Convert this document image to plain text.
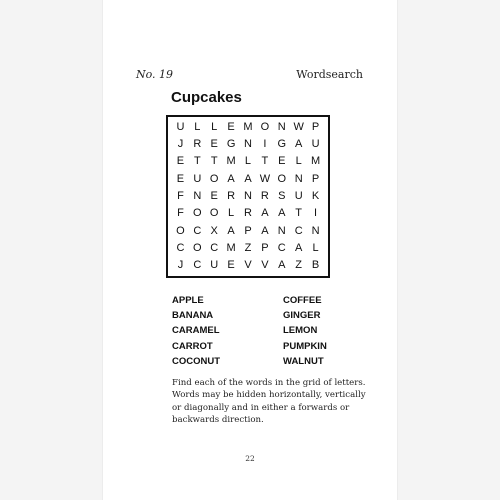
No. 19	Wordsearch
Cupcakes
U L L E M O N W P
J R E G N	I	G A U
E T T M L T E L M
E U O A A W O N P
F N E R N R S U K
F O O L R A A T	I
O C X A P A N C N
C O C M Z P C A L
J C U E V V A Z B
APPLE
BANANA
CARAMEL
CARROT
COCONUT
COFFEE
GINGER
LEMON
PUMPKIN
WALNUT
Find each of the words in the grid of letters. Words may be hidden horizontally, vertically or diagonally and in either a forwards or backwards direction.
22
